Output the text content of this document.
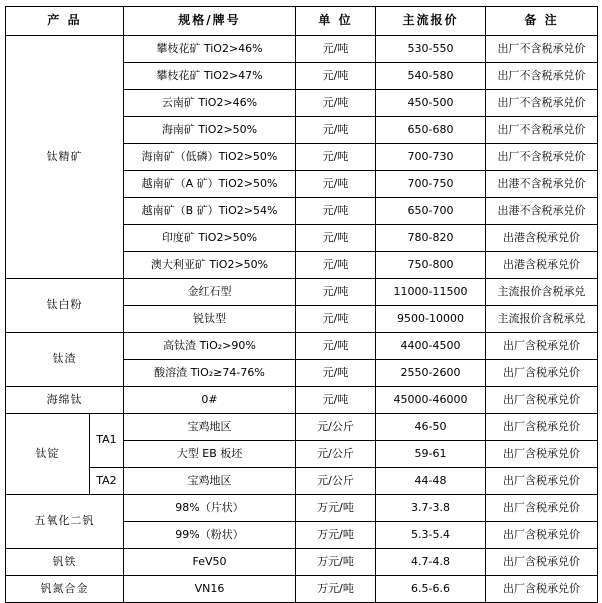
产 品		规格/牌号	单 位	主流报价	备 注
钛精矿		攀枝花矿 TiO2>46%	元/吨	530-550	出厂不含税承兑价
		攀枝花矿 TiO2>47%	元/吨	540-580	出厂不含税承兑价
		云南矿 TiO2>46%	元/吨	450-500	出厂不含税承兑价
		海南矿 TiO2>50%	元/吨	650-680	出厂不含税承兑价
		海南矿（低磷）TiO2>50%	元/吨	700-730	出厂不含税承兑价
		越南矿（A 矿）TiO2>50%	元/吨	700-750	出港不含税承兑价
		越南矿（B 矿）TiO2>54%	元/吨	650-700	出港不含税承兑价
		印度矿 TiO2>50%	元/吨	780-820	出港含税承兑价
		澳大利亚矿 TiO2>50%	元/吨	750-800	出港含税承兑价
钛白粉		金红石型	元/吨	11000-11500	主流报价含税承兑
		锐钛型	元/吨	9500-10000	主流报价含税承兑
钛渣		高钛渣 TiO₂>90%	元/吨	4400-4500	出厂含税承兑价
		酸溶渣 TiO₂≥74-76%	元/吨	2550-2600	出厂含税承兑价
海绵钛		0#	元/吨	45000-46000	出厂含税承兑价
钛锭	TA1	宝鸡地区	元/公斤	46-50	出厂含税承兑价
		大型 EB 板坯	元/公斤	59-61	出厂含税承兑价
	TA2	宝鸡地区	元/公斤	44-48	出厂含税承兑价
五氧化二钒		98%（片状）	万元/吨	3.7-3.8	出厂含税承兑价
		99%（粉状）	万元/吨	5.3-5.4	出厂含税承兑价
钒铁		FeV50	万元/吨	4.7-4.8	出厂含税承兑价
钒氮合金		VN16	万元/吨	6.5-6.6	出厂含税承兑价
